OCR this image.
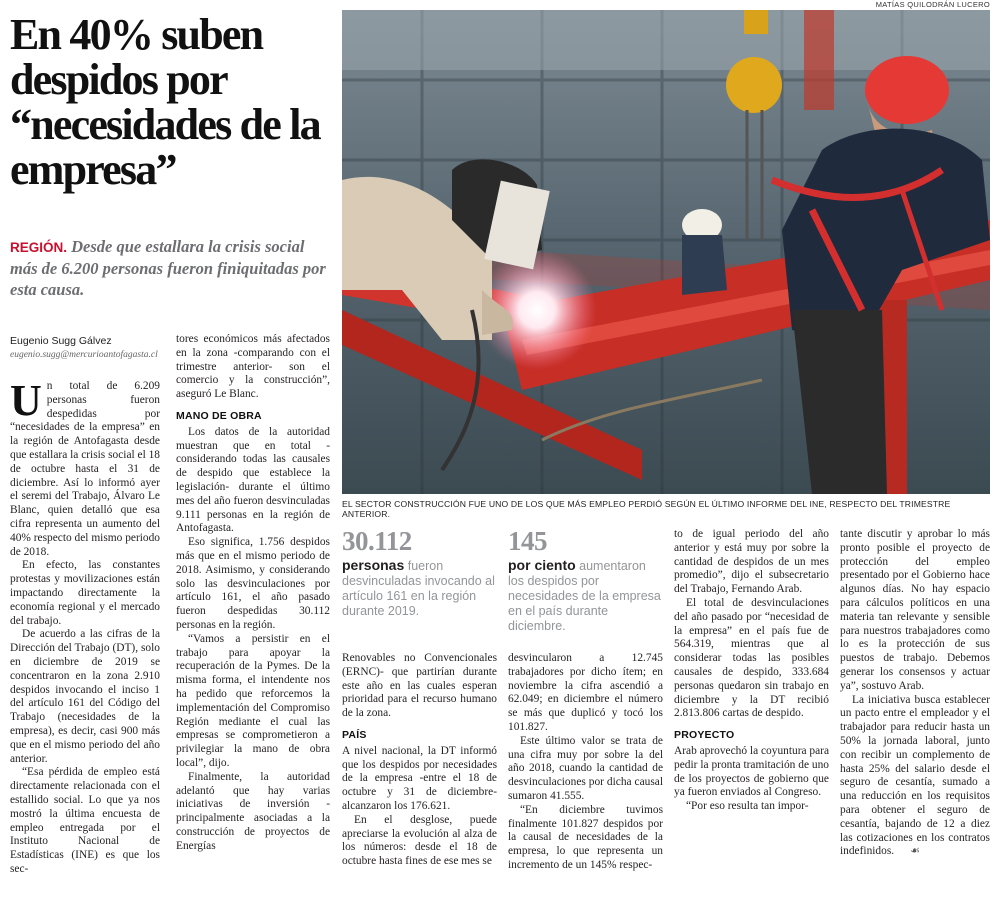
En 40% suben despidos por “necesidades de la empresa”
REGIÓN. Desde que estallara la crisis social más de 6.200 personas fueron finiquitadas por esta causa.
Eugenio Sugg Gálvez
eugenio.sugg@mercurioantofagasta.cl
MATÍAS QUILODRÁN LUCERO
EL SECTOR CONSTRUCCIÓN FUE UNO DE LOS QUE MÁS EMPLEO PERDIÓ SEGÚN EL ÚLTIMO INFORME DEL INE, RESPECTO DEL TRIMESTRE ANTERIOR.
U n total de 6.209 personas fueron despedidas por “necesidades de la empresa” en la región de Antofagasta desde que estallara la crisis social el 18 de octubre hasta el 31 de diciembre. Así lo informó ayer el seremi del Trabajo, Álvaro Le Blanc, quien detalló que esa cifra representa un aumento del 40% respecto del mismo periodo de 2018.

En efecto, las constantes protestas y movilizaciones están impactando directamente la economía regional y el mercado del trabajo.

De acuerdo a las cifras de la Dirección del Trabajo (DT), solo en diciembre de 2019 se concentraron en la zona 2.910 despidos invocando el inciso 1 del artículo 161 del Código del Trabajo (necesidades de la empresa), es decir, casi 900 más que en el mismo periodo del año anterior.

“Esa pérdida de empleo está directamente relacionada con el estallido social. Lo que ya nos mostró la última encuesta de empleo entregada por el Instituto Nacional de Estadísticas (INE) es que los sec-

tores económicos más afectados en la zona -comparando con el trimestre anterior- son el comercio y la construcción”, aseguró Le Blanc.

MANO DE OBRA

Los datos de la autoridad muestran que en total -considerando todas las causales de despido que establece la legislación- durante el último mes del año fueron desvinculadas 9.111 personas en la región de Antofagasta.

Eso significa, 1.756 despidos más que en el mismo periodo de 2018. Asimismo, y considerando solo las desvinculaciones por artículo 161, el año pasado fueron despedidas 30.112 personas en la región.

“Vamos a persistir en el trabajo para apoyar la recuperación de la Pymes. De la misma forma, el intendente nos ha pedido que reforcemos la implementación del Compromiso Región mediante el cual las empresas se comprometieron a privilegiar la mano de obra local”, dijo.

Finalmente, la autoridad adelantó que hay varias iniciativas de inversión -principalmente asociadas a la construcción de proyectos de Energías

30.112
personas fueron desvinculadas invocando al artículo 161 en la región durante 2019.
145
por ciento aumentaron los despidos por necesidades de la empresa en el país durante diciembre.

Renovables no Convencionales (ERNC)- que partirían durante este año en las cuales esperan prioridad para el recurso humano de la zona.

PAÍS

A nivel nacional, la DT informó que los despidos por necesidades de la empresa -entre el 18 de octubre y 31 de diciembre- alcanzaron los 176.621.

En el desglose, puede apreciarse la evolución al alza de los números: desde el 18 de octubre hasta fines de ese mes se

desvincularon a 12.745 trabajadores por dicho ítem; en noviembre la cifra ascendió a 62.049; en diciembre el número se más que duplicó y tocó los 101.827.

Este último valor se trata de una cifra muy por sobre la del año 2018, cuando la cantidad de desvinculaciones por dicha causal sumaron 41.555.

“En diciembre tuvimos finalmente 101.827 despidos por la causal de necesidades de la empresa, lo que representa un incremento de un 145% respec-

to de igual periodo del año anterior y está muy por sobre la cantidad de despidos de un mes promedio”, dijo el subsecretario del Trabajo, Fernando Arab.

El total de desvinculaciones del año pasado por “necesidad de la empresa” en el país fue de 564.319, mientras que al considerar todas las posibles causales de despido, 333.684 personas quedaron sin trabajo en diciembre y la DT recibió 2.813.806 cartas de despido.

PROYECTO

Arab aprovechó la coyuntura para pedir la pronta tramitación de uno de los proyectos de gobierno que ya fueron enviados al Congreso.

“Por eso resulta tan impor-

tante discutir y aprobar lo más pronto posible el proyecto de protección del empleo presentado por el Gobierno hace algunos días. No hay espacio para cálculos políticos en una materia tan relevante y sensible para nuestros trabajadores como lo es la protección de sus puestos de trabajo. Debemos generar los consensos y actuar ya”, sostuvo Arab.

La iniciativa busca establecer un pacto entre el empleador y el trabajador para reducir hasta un 50% la jornada laboral, junto con recibir un complemento de hasta 25% del salario desde el seguro de cesantía, sumado a una reducción en los requisitos para obtener el seguro de cesantía, bajando de 12 a diez las cotizaciones en los contratos indefinidos. ☙
